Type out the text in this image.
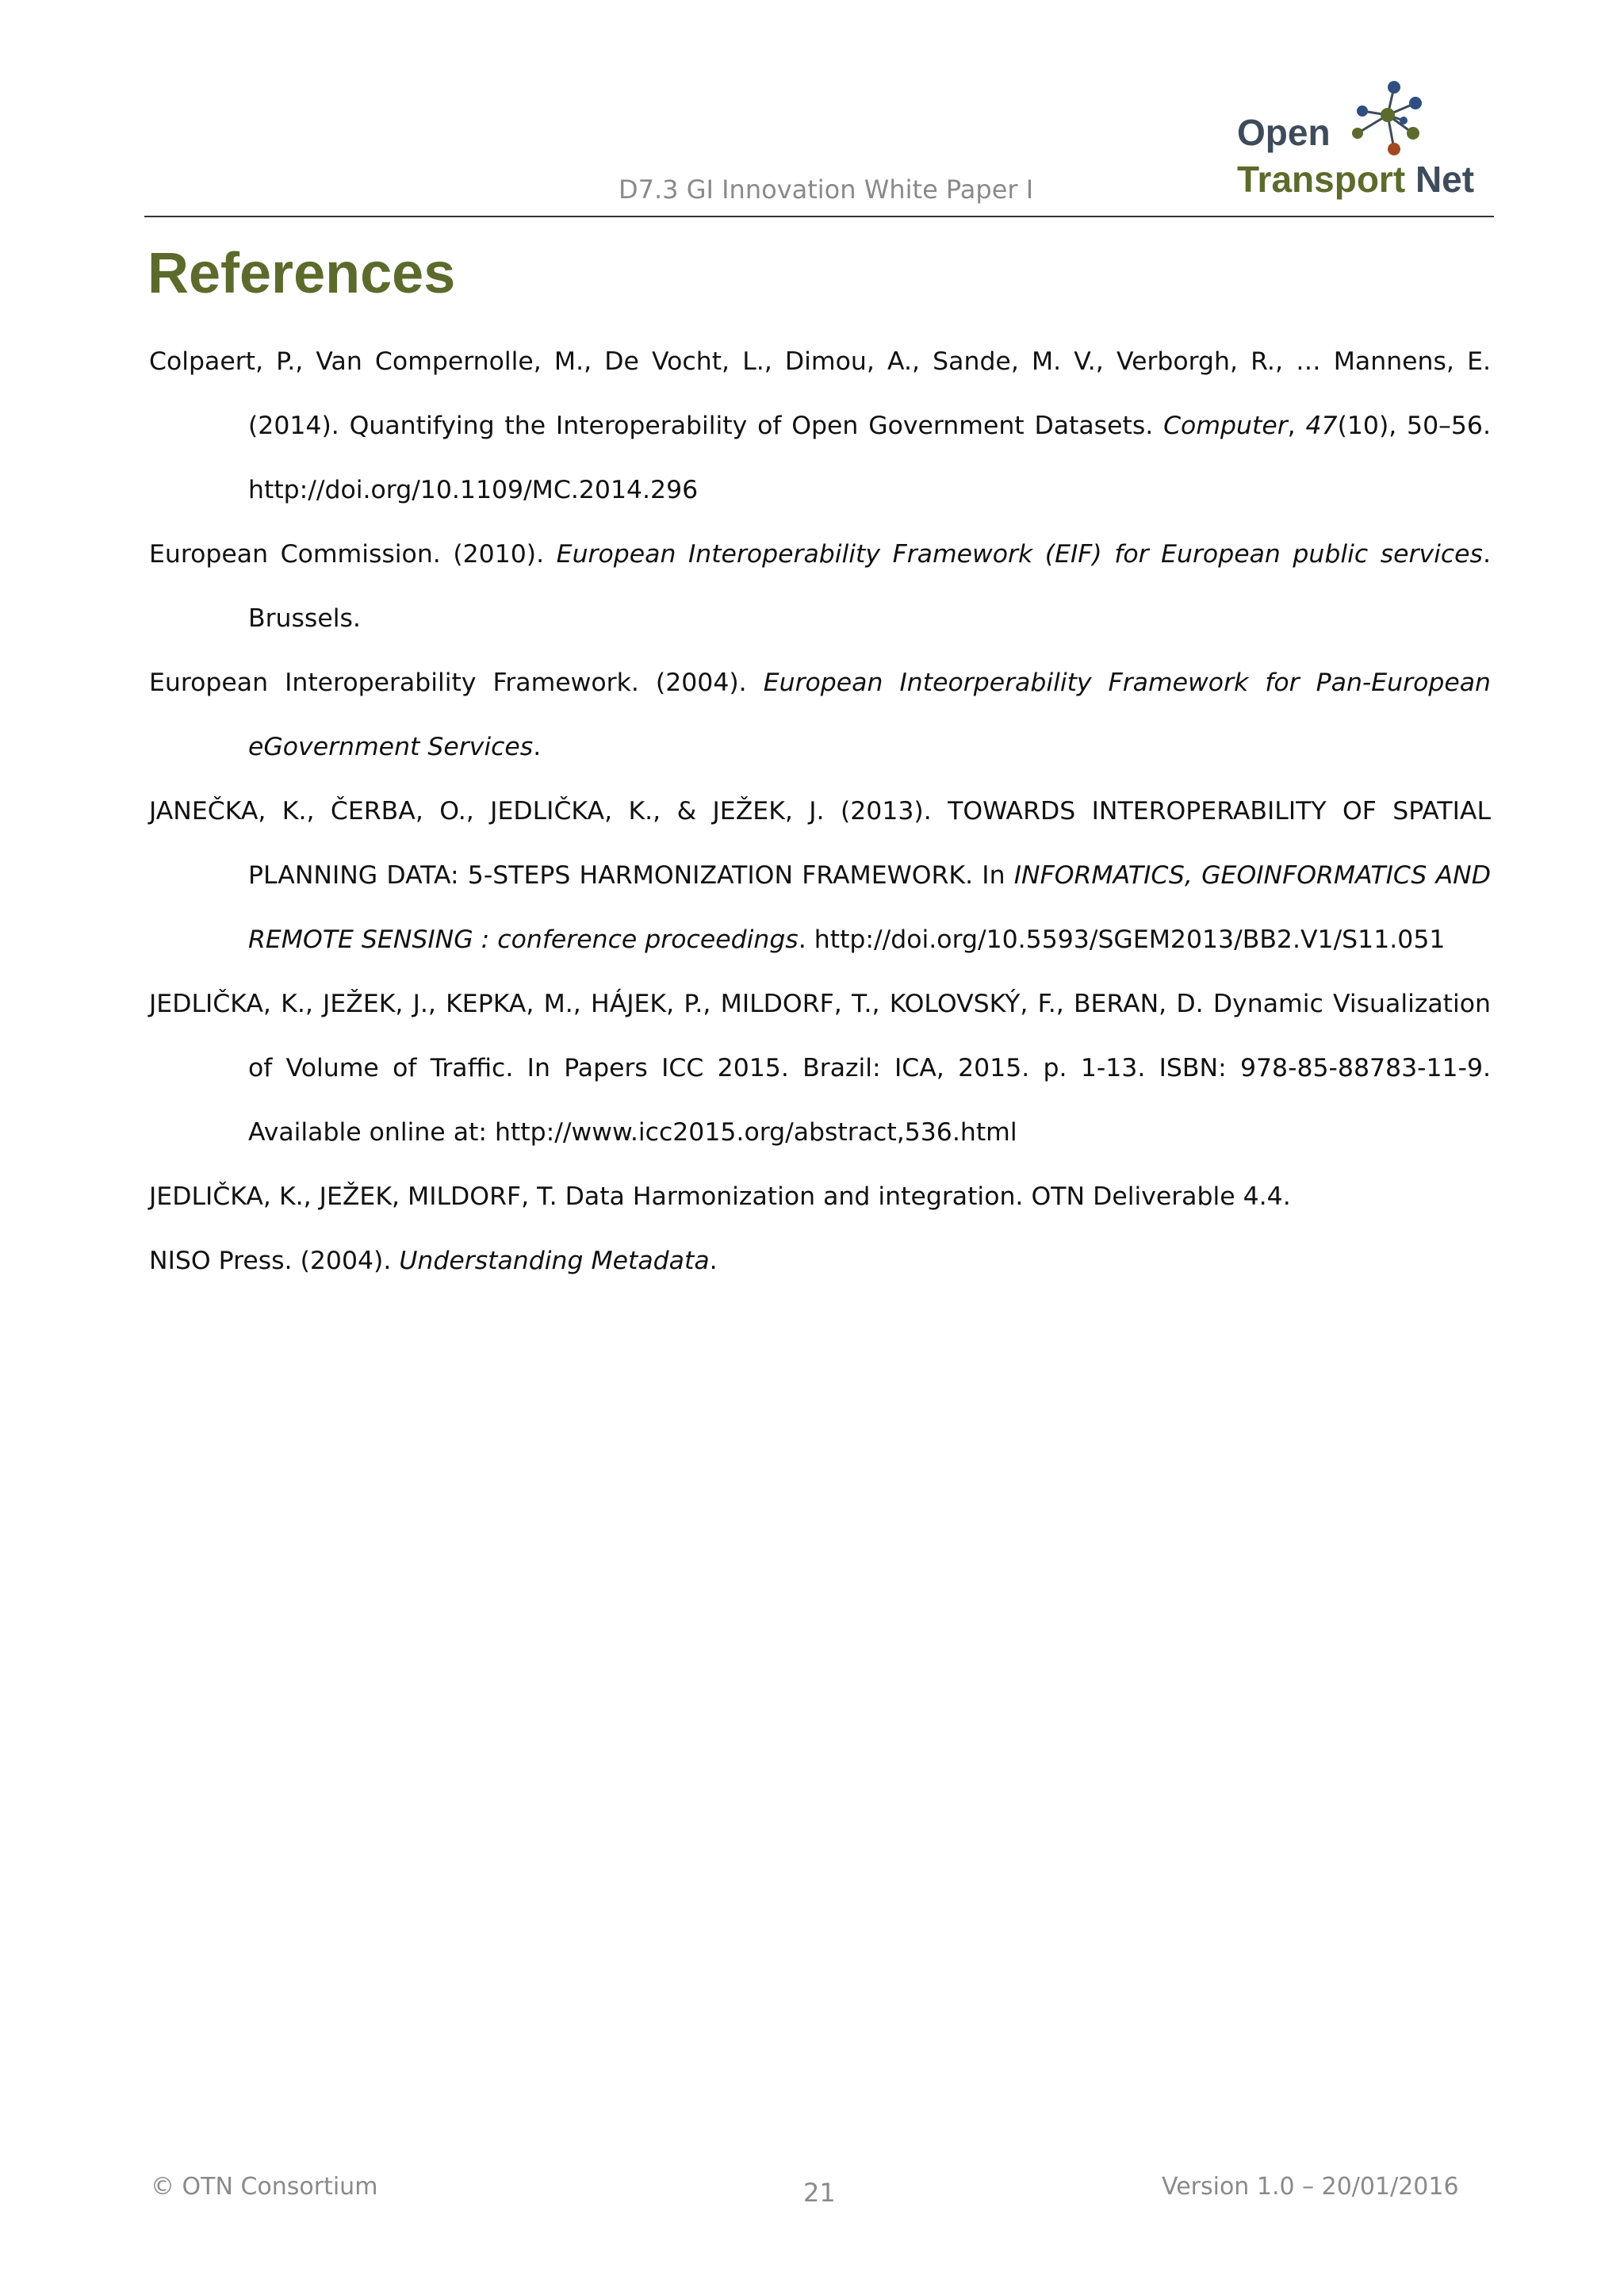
D7.3 GI Innovation White Paper I
Open
Transport Net
References
Colpaert, P., Van Compernolle, M., De Vocht, L., Dimou, A., Sande, M. V., Verborgh, R., … Mannens, E. (2014). Quantifying the Interoperability of Open Government Datasets. Computer, 47(10), 50–56. http://doi.org/10.1109/MC.2014.296
European Commission. (2010). European Interoperability Framework (EIF) for European public services. Brussels.
European Interoperability Framework. (2004). European Inteorperability Framework for Pan-European eGovernment Services.
JANEČKA, K., ČERBA, O., JEDLIČKA, K., & JEŽEK, J. (2013). TOWARDS INTEROPERABILITY OF SPATIAL PLANNING DATA: 5-STEPS HARMONIZATION FRAMEWORK. In INFORMATICS, GEOINFORMATICS AND REMOTE SENSING : conference proceedings. http://doi.org/10.5593/SGEM2013/BB2.V1/S11.051
JEDLIČKA, K., JEŽEK, J., KEPKA, M., HÁJEK, P., MILDORF, T., KOLOVSKÝ, F., BERAN, D. Dynamic Visualization of Volume of Traffic. In Papers ICC 2015. Brazil: ICA, 2015. p. 1-13. ISBN: 978-85-88783-11-9. Available online at: http://www.icc2015.org/abstract,536.html
JEDLIČKA, K., JEŽEK, MILDORF, T. Data Harmonization and integration. OTN Deliverable 4.4.
NISO Press. (2004). Understanding Metadata.
© OTN Consortium	21	Version 1.0 – 20/01/2016
